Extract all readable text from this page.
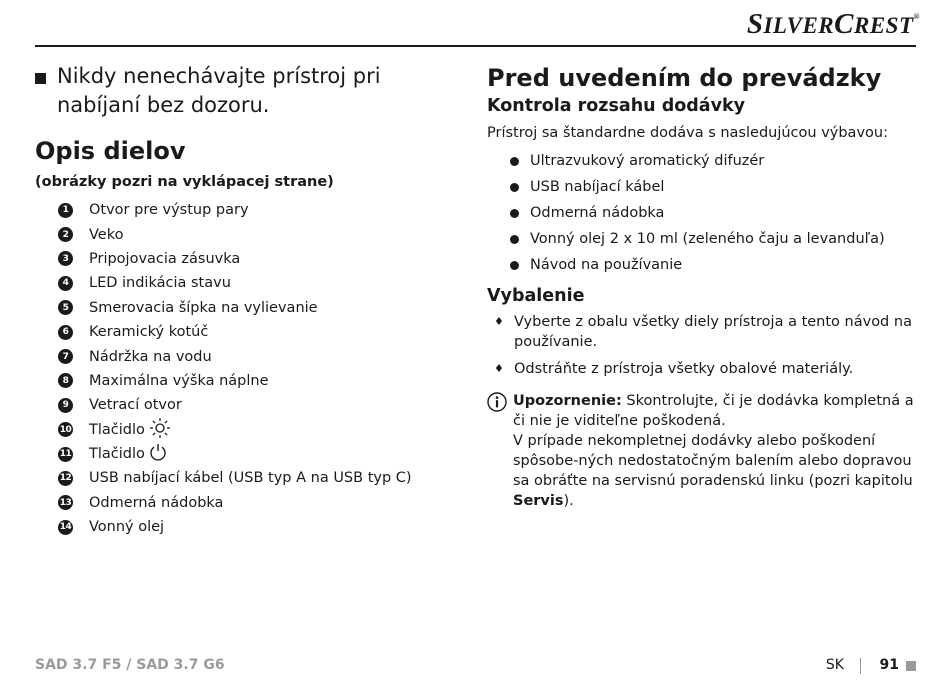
SILVERCREST®
Nikdy nenechávajte prístroj pri nabíjaní bez dozoru.
Opis dielov
(obrázky pozri na vyklápacej strane)
1	Otvor pre výstup pary
2	Veko
3	Pripojovacia zásuvka
4	LED indikácia stavu
5	Smerovacia šípka na vylievanie
6	Keramický kotúč
7	Nádržka na vodu
8	Maximálna výška náplne
9	Vetrací otvor
10 Tlačidlo
11 Tlačidlo
12 USB nabíjací kábel (USB typ A na USB typ C)
13 Odmerná nádobka
14 Vonný olej
Pred uvedením do prevádzky
Kontrola rozsahu dodávky
Prístroj sa štandardne dodáva s nasledujúcou výbavou:
Ultrazvukový aromatický difuzér
USB nabíjací kábel
Odmerná nádobka
Vonný olej 2 x 10 ml (zeleného čaju a levanduľa)
Návod na používanie
Vybalenie
♦ Vyberte z obalu všetky diely prístroja a tento návod na používanie.
♦ Odstráňte z prístroja všetky obalové materiály.
Upozornenie: Skontrolujte, či je dodávka kompletná a či nie je viditeľne poškodená.
V prípade nekompletnej dodávky alebo poškodení spôsobe-ných nedostatočným balením alebo dopravou sa obráťte na servisnú poradenskú linku (pozri kapitolu Servis).
SAD 3.7 F5 / SAD 3.7 G6	SK	91
